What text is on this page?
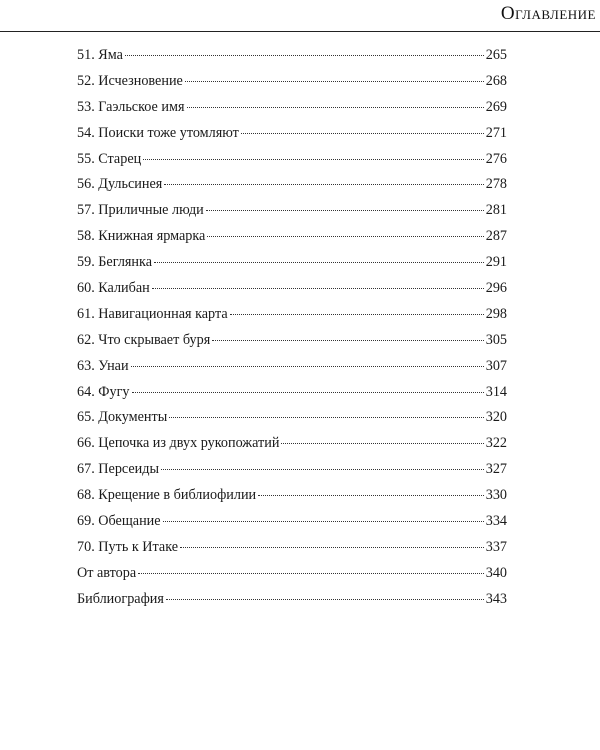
Оглавление
51. Яма	265
52. Исчезновение	268
53. Гаэльское имя	269
54. Поиски тоже утомляют	271
55. Старец	276
56. Дульсинея	278
57. Приличные люди	281
58. Книжная ярмарка	287
59. Беглянка	291
60. Калибан	296
61. Навигационная карта	298
62. Что скрывает буря	305
63. Унаи	307
64. Фугу	314
65. Документы	320
66. Цепочка из двух рукопожатий	322
67. Персеиды	327
68. Крещение в библиофилии	330
69. Обещание	334
70. Путь к Итаке	337
От автора	340
Библиография	343
